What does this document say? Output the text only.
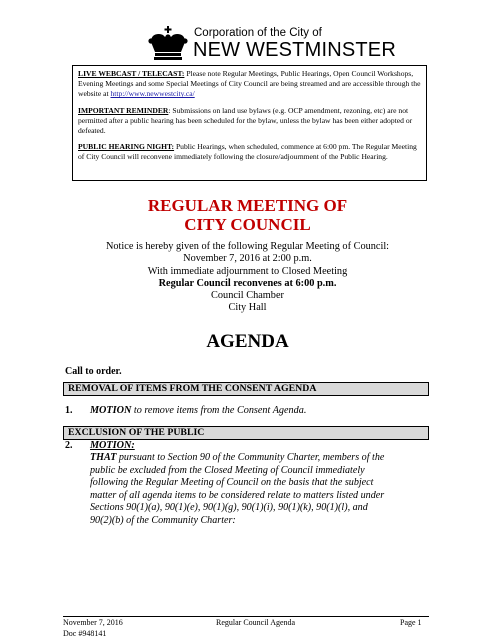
Corporation of the City of
NEW WESTMINSTER

LIVE WEBCAST / TELECAST: Please note Regular Meetings, Public Hearings, Open Council Workshops, Evening Meetings and some Special Meetings of City Council are being streamed and are accessible through the website at http://www.newwestcity.ca/

IMPORTANT REMINDER: Submissions on land use bylaws (e.g. OCP amendment, rezoning, etc) are not permitted after a public hearing has been scheduled for the bylaw, unless the bylaw has been either adopted or defeated.

PUBLIC HEARING NIGHT: Public Hearings, when scheduled, commence at 6:00 pm. The Regular Meeting of City Council will reconvene immediately following the closure/adjournment of the Public Hearing.

REGULAR MEETING OF
CITY COUNCIL
Notice is hereby given of the following Regular Meeting of Council:
November 7, 2016 at 2:00 p.m.
With immediate adjournment to Closed Meeting
Regular Council reconvenes at 6:00 p.m.
Council Chamber
City Hall
AGENDA
Call to order.
REMOVAL OF ITEMS FROM THE CONSENT AGENDA
1. MOTION to remove items from the Consent Agenda.
EXCLUSION OF THE PUBLIC
2. MOTION:
THAT pursuant to Section 90 of the Community Charter, members of the
public be excluded from the Closed Meeting of Council immediately
following the Regular Meeting of Council on the basis that the subject
matter of all agenda items to be considered relate to matters listed under
Sections 90(1)(a), 90(1)(e), 90(1)(g), 90(1)(i), 90(1)(k), 90(1)(l), and
90(2)(b) of the Community Charter:
November 7, 2016
Doc #948141
Regular Council Agenda	Page 1
